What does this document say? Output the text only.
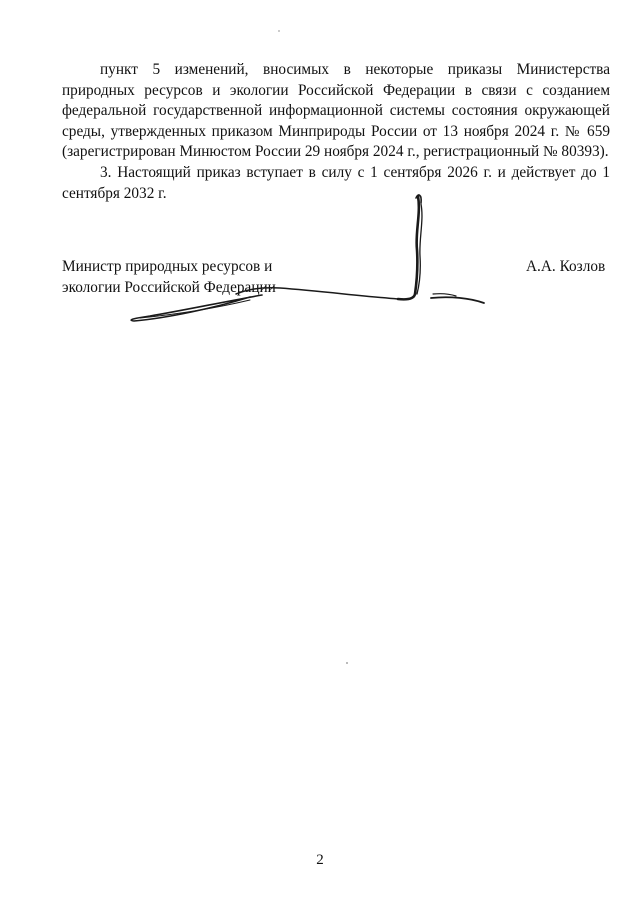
пункт 5 изменений, вносимых в некоторые приказы Министерства природных ресурсов и экологии Российской Федерации в связи с созданием федеральной государственной информационной системы состояния окружающей среды, утвержденных приказом Минприроды России от 13 ноября 2024 г. № 659 (зарегистрирован Минюстом России 29 ноября 2024 г., регистрационный № 80393).

3. Настоящий приказ вступает в силу с 1 сентября 2026 г. и действует до 1 сентября 2032 г.

Министр природных ресурсов и
экологии Российской Федерации
А.А. Козлов
2
